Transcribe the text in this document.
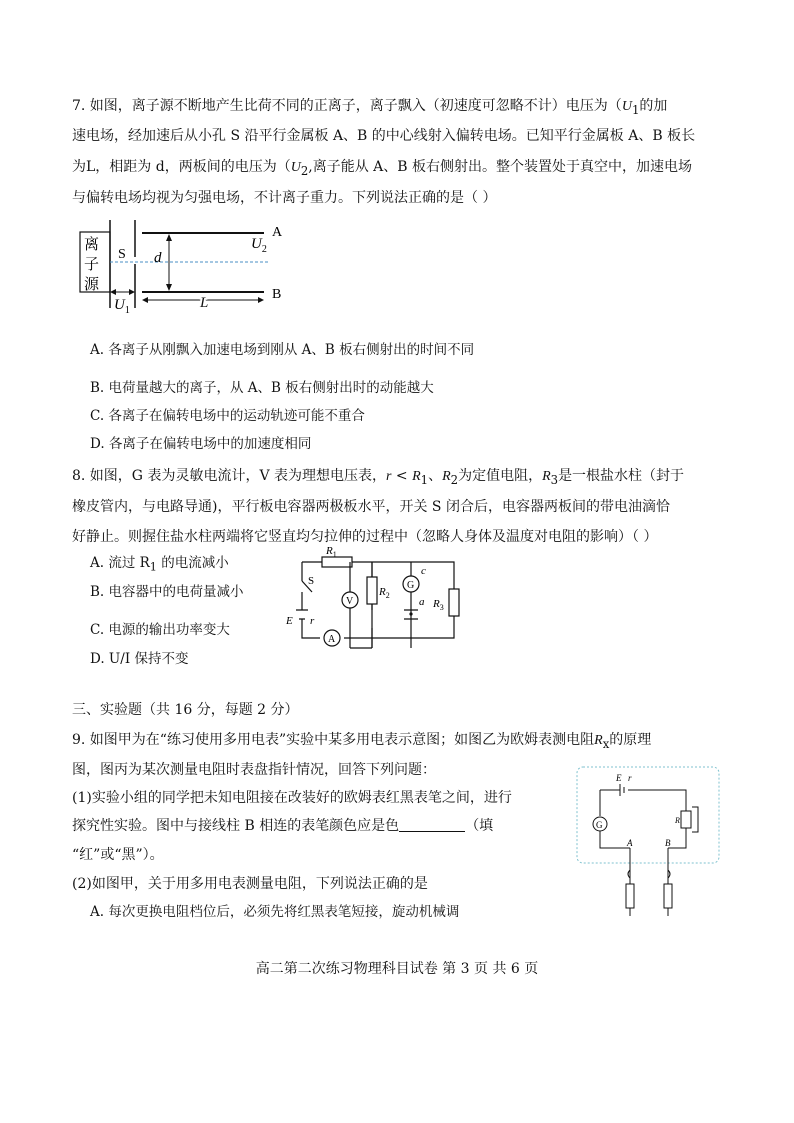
7. 如图，离子源不断地产生比荷不同的正离子，离子飘入（初速度可忽略不计）电压为（$U_1$的加
速电场，经加速后从小孔 S 沿平行金属板 A、B 的中心线射入偏转电场。已知平行金属板 A、B 板长
为L，相距为 d，两板间的电压为（$U_2$,离子能从 A、B 板右侧射出。整个装置处于真空中，加速电场
与偏转电场均视为匀强电场，不计离子重力。下列说法正确的是（ ）
离
子
源
S d
$U_2$
A
B
$U_1$	L
A. 各离子从刚飘入加速电场到刚从 A、B 板右侧射出的时间不同
B. 电荷量越大的离子，从 A、B 板右侧射出时的动能越大
C. 各离子在偏转电场中的运动轨迹可能不重合
D. 各离子在偏转电场中的加速度相同
8. 如图，G 表为灵敏电流计，V 表为理想电压表，$r < R_1$、$R_2$为定值电阻，$R_3$是一根盐水柱（封于
橡皮管内，与电路导通)，平行板电容器两极板水平，开关 S 闭合后，电容器两板间的带电油滴恰
好静止。则握住盐水柱两端将它竖直均匀拉伸的过程中（忽略人身体及温度对电阻的影响）（ ）
A. 流过 $R_1$ 的电流减小
B. 电容器中的电荷量减小
C. 电源的输出功率变大
D. U/I 保持不变
$R_1$
S
V
$R_2$
G
c
a $R_3$
E r
A
三、实验题（共 16 分，每题 2 分）
9. 如图甲为在“练习使用多用电表”实验中某多用电表示意图；如图乙为欧姆表测电阻$R_x$的原理
图，图丙为某次测量电阻时表盘指针情况，回答下列问题：
(1)实验小组的同学把未知电阻接在改装好的欧姆表红黑表笔之间，进行
探究性实验。图中与接线柱 B 相连的表笔颜色应是色	（填
“红”或“黑”）。
(2)如图甲，关于用多用电表测量电阻，下列说法正确的是
A. 每次更换电阻档位后，必须先将红黑表笔短接，旋动机械调
G
E r
R
A	B
高二第二次练习物理科目试卷 第 3 页 共 6 页
